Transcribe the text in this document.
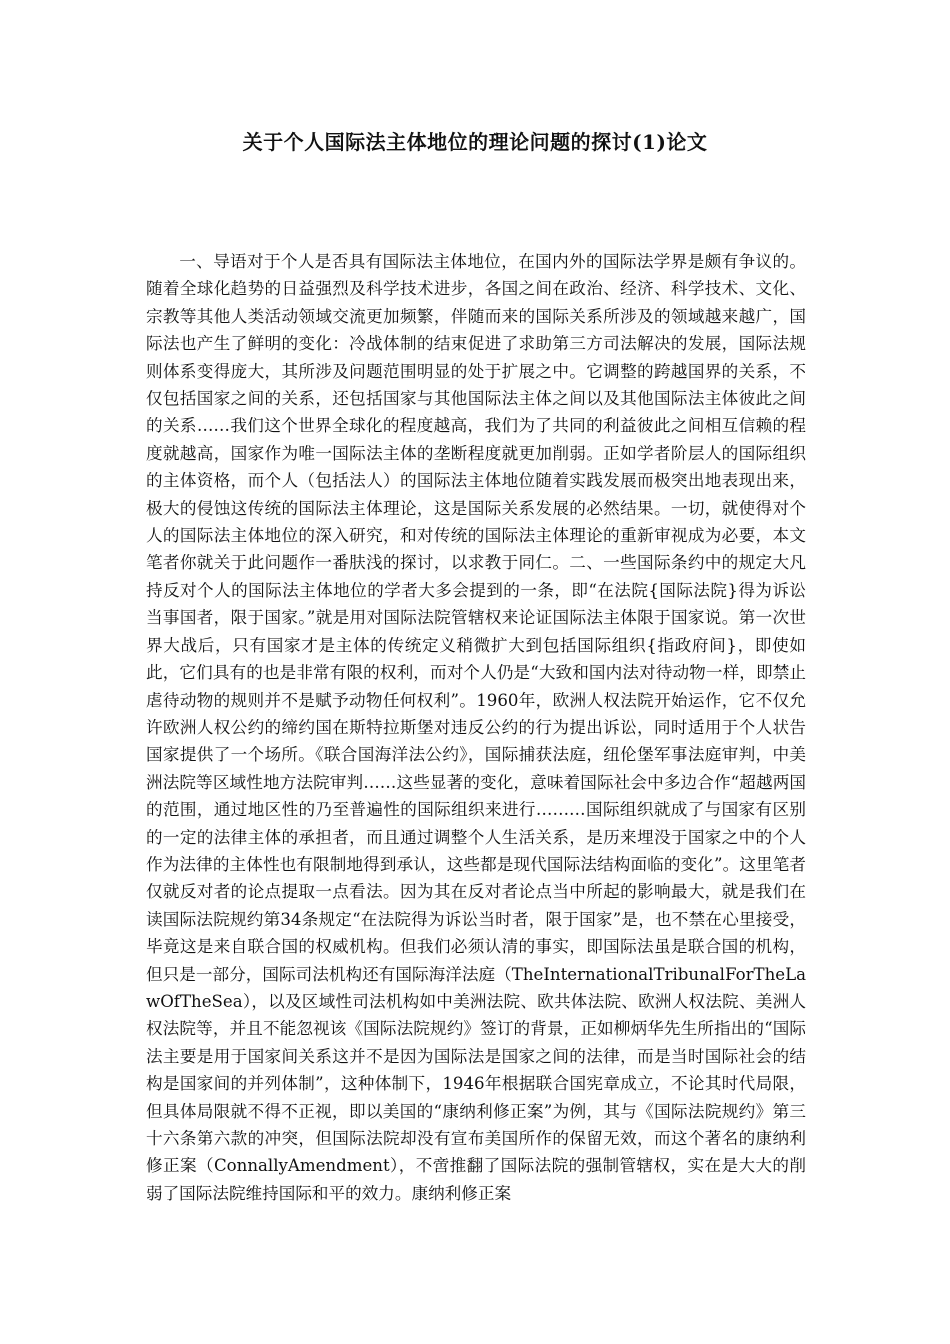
关于个人国际法主体地位的理论问题的探讨(1)论文

一、导语对于个人是否具有国际法主体地位，在国内外的国际法学界是颇有争议的。随着全球化趋势的日益强烈及科学技术进步，各国之间在政治、经济、科学技术、文化、宗教等其他人类活动领域交流更加频繁，伴随而来的国际关系所涉及的领域越来越广，国际法也产生了鲜明的变化：冷战体制的结束促进了求助第三方司法解决的发展，国际法规则体系变得庞大，其所涉及问题范围明显的处于扩展之中。它调整的跨越国界的关系，不仅包括国家之间的关系，还包括国家与其他国际法主体之间以及其他国际法主体彼此之间的关系……我们这个世界全球化的程度越高，我们为了共同的利益彼此之间相互信赖的程度就越高，国家作为唯一国际法主体的垄断程度就更加削弱。正如学者阶层人的国际组织的主体资格，而个人（包括法人）的国际法主体地位随着实践发展而极突出地表现出来，极大的侵蚀这传统的国际法主体理论，这是国际关系发展的必然结果。一切，就使得对个人的国际法主体地位的深入研究，和对传统的国际法主体理论的重新审视成为必要，本文笔者你就关于此问题作一番肤浅的探讨，以求教于同仁。二、一些国际条约中的规定大凡持反对个人的国际法主体地位的学者大多会提到的一条，即“在法院{国际法院}得为诉讼当事国者，限于国家。”就是用对国际法院管辖权来论证国际法主体限于国家说。第一次世界大战后，只有国家才是主体的传统定义稍微扩大到包括国际组织{指政府间}，即使如此，它们具有的也是非常有限的权利，而对个人仍是“大致和国内法对待动物一样，即禁止虐待动物的规则并不是赋予动物任何权利”。1960年，欧洲人权法院开始运作，它不仅允许欧洲人权公约的缔约国在斯特拉斯堡对违反公约的行为提出诉讼，同时适用于个人状告国家提供了一个场所。《联合国海洋法公约》，国际捕获法庭，纽伦堡军事法庭审判，中美洲法院等区域性地方法院审判……这些显著的变化，意味着国际社会中多边合作“超越两国的范围，通过地区性的乃至普遍性的国际组织来进行………国际组织就成了与国家有区别的一定的法律主体的承担者，而且通过调整个人生活关系，是历来埋没于国家之中的个人作为法律的主体性也有限制地得到承认，这些都是现代国际法结构面临的变化”。这里笔者仅就反对者的论点提取一点看法。因为其在反对者论点当中所起的影响最大，就是我们在读国际法院规约第34条规定“在法院得为诉讼当时者，限于国家”是，也不禁在心里接受，毕竟这是来自联合国的权威机构。但我们必须认清的事实，即国际法虽是联合国的机构，但只是一部分，国际司法机构还有国际海洋法庭（TheInternationalTribunalForTheLawOfTheSea），以及区域性司法机构如中美洲法院、欧共体法院、欧洲人权法院、美洲人权法院等，并且不能忽视该《国际法院规约》签订的背景，正如柳炳华先生所指出的“国际法主要是用于国家间关系这并不是因为国际法是国家之间的法律，而是当时国际社会的结构是国家间的并列体制”，这种体制下，1946年根据联合国宪章成立，不论其时代局限，但具体局限就不得不正视，即以美国的“康纳利修正案”为例，其与《国际法院规约》第三十六条第六款的冲突，但国际法院却没有宣布美国所作的保留无效，而这个著名的康纳利修正案（ConnallyAmendment），不啻推翻了国际法院的强制管辖权，实在是大大的削弱了国际法院维持国际和平的效力。康纳利修正案
